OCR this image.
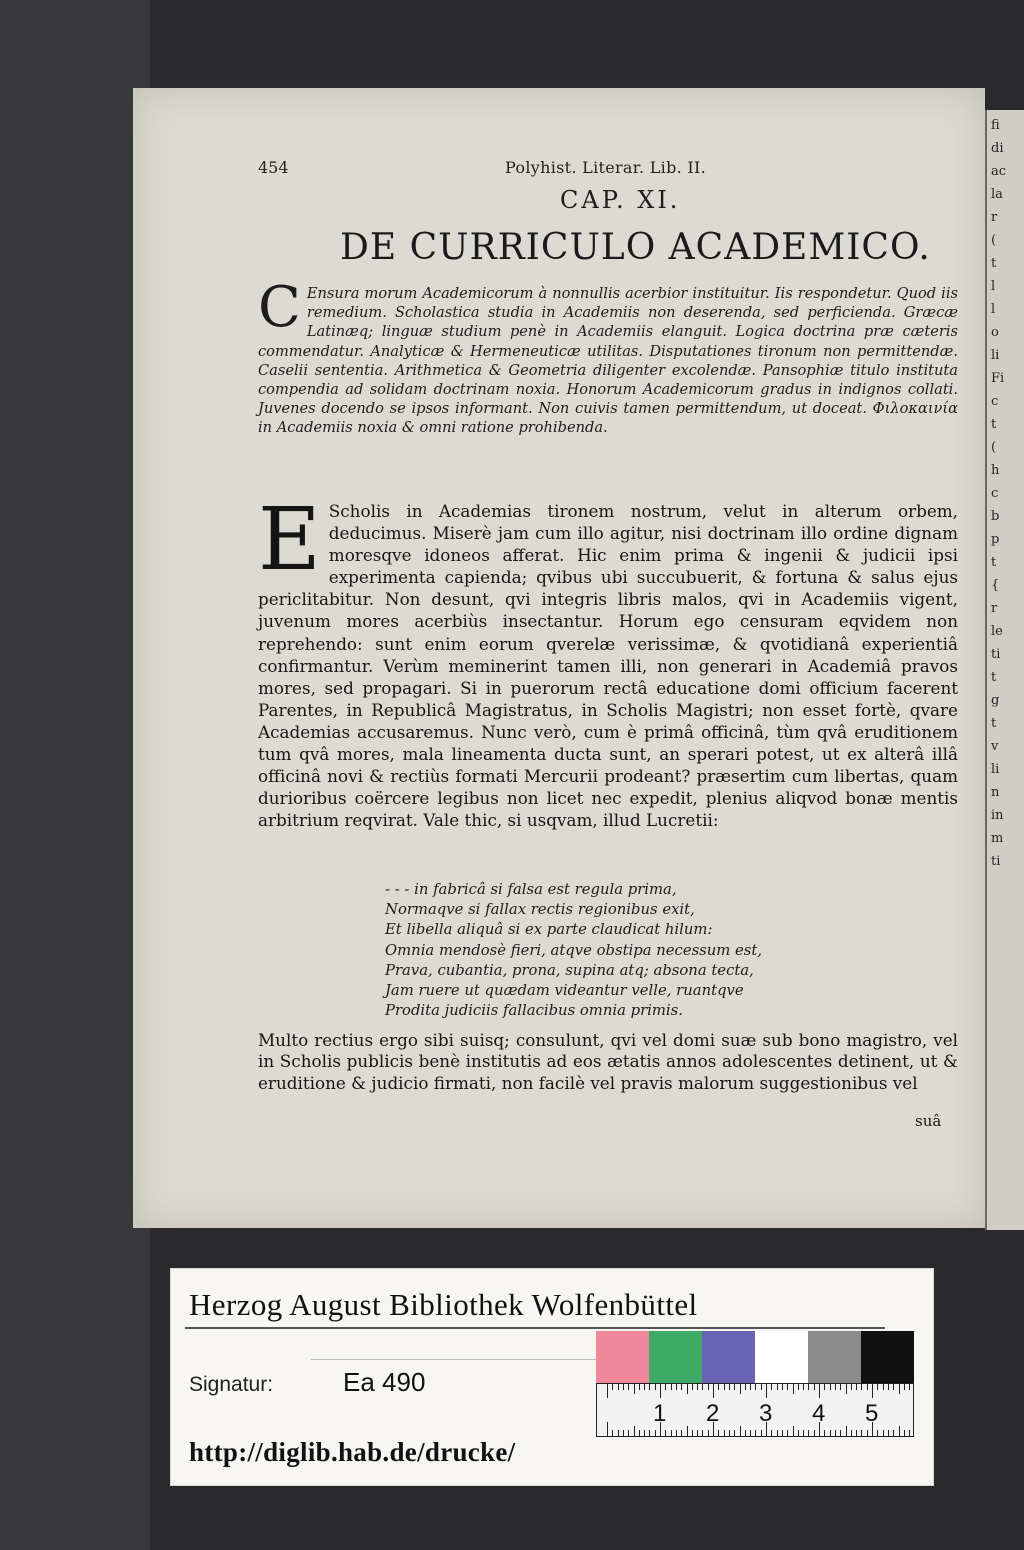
454	Polyhist. Literar. Lib. II.
fi
di
ac
la
r
(
t
l
l
o
li
Fi
c
t
(
h
c
b
p
t
{
r
le
ti
t
g
t
v
li
n
in
m
ti
CAP. XI.
DE CURRICULO ACADEMICO.
C Ensura morum Academicorum à nonnullis acerbior instituitur. Iis respondetur. Quod iis remedium. Scholastica studia in Academiis non deserenda, sed perficienda. Græcæ Latinæq; linguæ studium penè in Academiis elanguit. Logica doctrina præ cæteris commendatur. Analyticæ & Hermeneuticæ utilitas. Disputationes tironum non permittendæ. Caselii sententia. Arithmetica & Geometria diligenter excolendæ. Pansophiæ titulo instituta compendia ad solidam doctrinam noxia. Honorum Academicorum gradus in indignos collati. Juvenes docendo se ipsos informant. Non cuivis tamen permittendum, ut doceat. Φιλοκαινία in Academiis noxia & omni ratione prohibenda.
E Scholis in Academias tironem nostrum, velut in alterum orbem, deducimus. Miserè jam cum illo agitur, nisi doctrinam illo ordine dignam moresqve idoneos afferat. Hic enim prima & ingenii & judicii ipsi experimenta capienda; qvibus ubi succubuerit, & fortuna & salus ejus periclitabitur. Non desunt, qvi integris libris malos, qvi in Academiis vigent, juvenum mores acerbiùs insectantur. Horum ego censuram eqvidem non reprehendo: sunt enim eorum qverelæ verissimæ, & qvotidianâ experientiâ confirmantur. Verùm meminerint tamen illi, non generari in Academiâ pravos mores, sed propagari. Si in puerorum rectâ educatione domi officium facerent Parentes, in Republicâ Magistratus, in Scholis Magistri; non esset fortè, qvare Academias accusaremus. Nunc verò, cum è primâ officinâ, tùm qvâ eruditionem tum qvâ mores, mala lineamenta ducta sunt, an sperari potest, ut ex alterâ illâ officinâ novi & rectiùs formati Mercurii prodeant? præsertim cum libertas, quam durioribus coërcere legibus non licet nec expedit, plenius aliqvod bonæ mentis arbitrium reqvirat. Vale thic, si usqvam, illud Lucretii:
- - - in fabricâ si falsa est regula prima,
Normaqve si fallax rectis regionibus exit,
Et libella aliquâ si ex parte claudicat hilum:
Omnia mendosè fieri, atqve obstipa necessum est,
Prava, cubantia, prona, supina atq; absona tecta,
Jam ruere ut quædam videantur velle, ruantqve
Prodita judiciis fallacibus omnia primis.
Multo rectius ergo sibi suisq; consulunt, qvi vel domi suæ sub bono magistro, vel in Scholis publicis benè institutis ad eos ætatis annos adolescentes detinent, ut & eruditione & judicio firmati, non facilè vel pravis malorum suggestionibus vel
suâ
Herzog August Bibliothek Wolfenbüttel
Signatur:	Ea 490
http://diglib.hab.de/drucke/
1 2 3 4 5
